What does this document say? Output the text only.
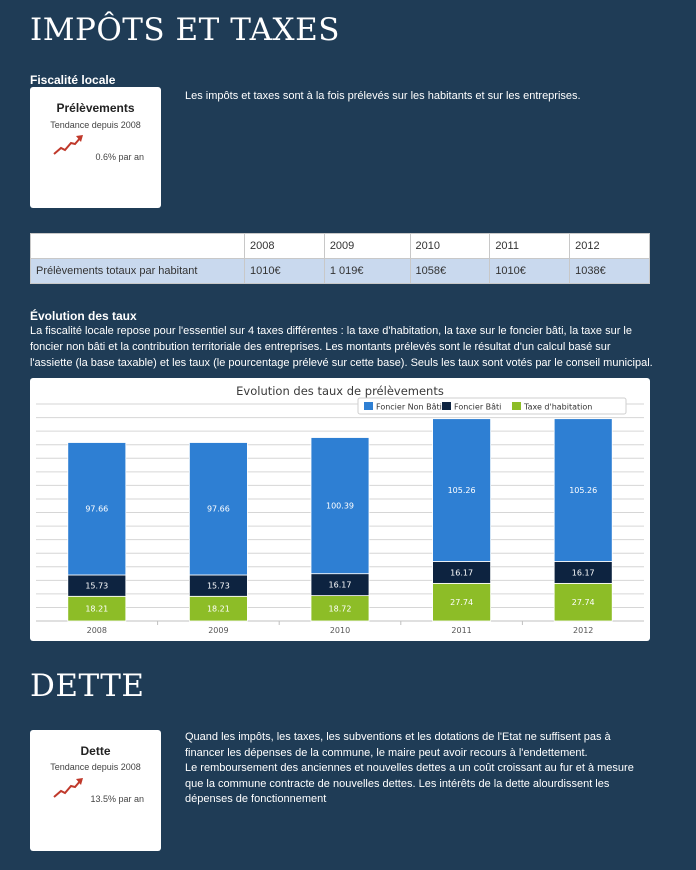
IMPÔTS ET TAXES
Fiscalité locale
Prélèvements
Tendance depuis 2008
0.6% par an
Les impôts et taxes sont à la fois prélevés sur les habitants et sur les entreprises.
	2008	2009	2010	2011	2012
Prélèvements totaux par habitant	1010€	1 019€	1058€	1010€	1038€
Évolution des taux
La fiscalité locale repose pour l'essentiel sur 4 taxes différentes : la taxe d'habitation, la taxe sur le foncier bâti, la taxe sur le foncier non bâti et la contribution territoriale des entreprises. Les montants prélevés sont le résultat d'un calcul basé sur l'assiette (la base taxable) et les taux (le pourcentage prélevé sur cette base). Seuls les taux sont votés par le conseil municipal.
Evolution des taux de prélèvements
Foncier Non Bâti Foncier Bâti	Taxe d'habitation
18.21
15.73
97.66
2008
18.21
15.73
97.66
2009
18.72
16.17
100.39
2010
27.74
16.17
105.26
2011
27.74
16.17
105.26
2012
DETTE
Dette
Tendance depuis 2008
13.5% par an
Quand les impôts, les taxes, les subventions et les dotations de l'Etat ne suffisent pas à financer les dépenses de la commune, le maire peut avoir recours à l'endettement.
Le remboursement des anciennes et nouvelles dettes a un coût croissant au fur et à mesure que la commune contracte de nouvelles dettes. Les intérêts de la dette alourdissent les dépenses de fonctionnement
